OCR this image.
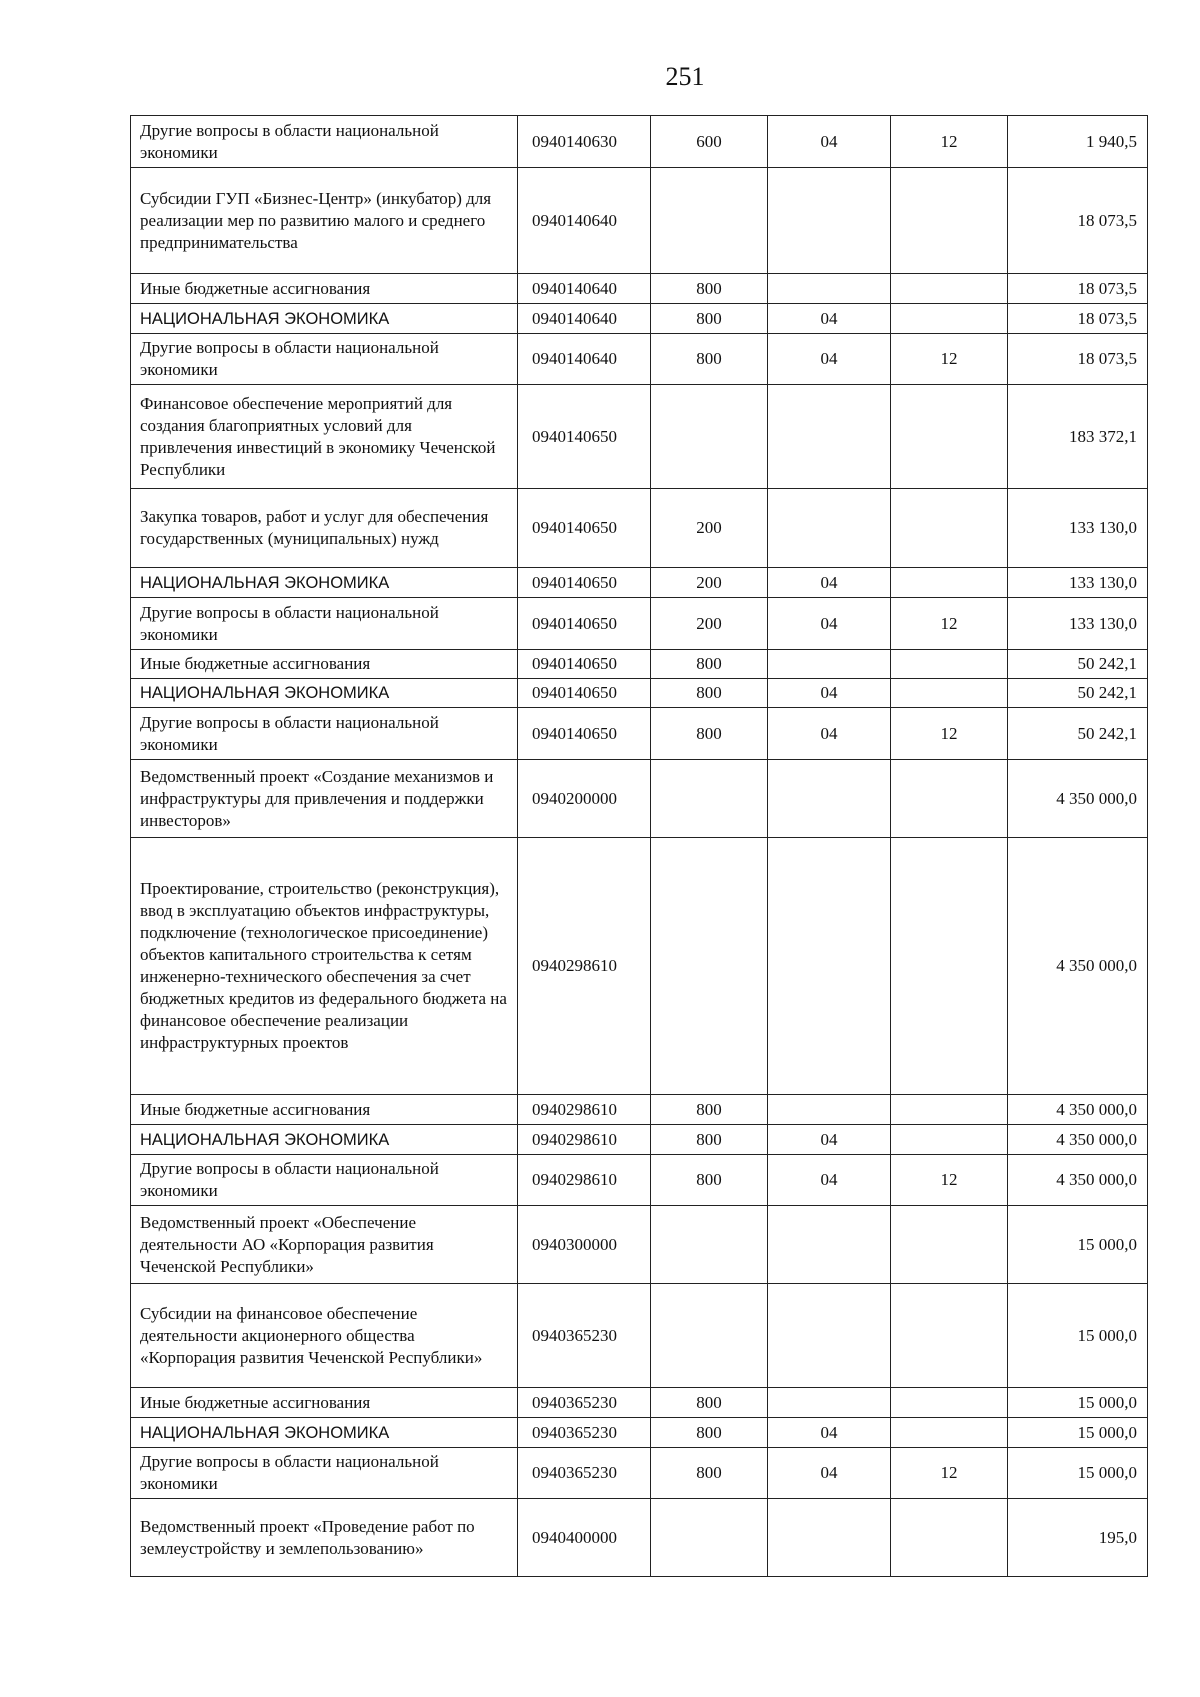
251
Другие вопросы в области национальной экономики	0940140630	600	04	12	1 940,5
Субсидии ГУП «Бизнес-Центр» (инкубатор) для реализации мер по развитию малого и среднего предпринимательства	0940140640				18 073,5
Иные бюджетные ассигнования	0940140640	800			18 073,5
НАЦИОНАЛЬНАЯ ЭКОНОМИКА	0940140640	800	04		18 073,5
Другие вопросы в области национальной экономики	0940140640	800	04	12	18 073,5
Финансовое обеспечение мероприятий для создания благоприятных условий для привлечения инвестиций в экономику Чеченской Республики	0940140650				183 372,1
Закупка товаров, работ и услуг для обеспечения государственных (муниципальных) нужд	0940140650	200			133 130,0
НАЦИОНАЛЬНАЯ ЭКОНОМИКА	0940140650	200	04		133 130,0
Другие вопросы в области национальной экономики	0940140650	200	04	12	133 130,0
Иные бюджетные ассигнования	0940140650	800			50 242,1
НАЦИОНАЛЬНАЯ ЭКОНОМИКА	0940140650	800	04		50 242,1
Другие вопросы в области национальной экономики	0940140650	800	04	12	50 242,1
Ведомственный проект «Создание механизмов и инфраструктуры для привлечения и поддержки инвесторов»	0940200000				4 350 000,0
Проектирование, строительство (реконструкция), ввод в эксплуатацию объектов инфраструктуры, подключение (технологическое присоединение) объектов капитального строительства к сетям инженерно-технического обеспечения за счет бюджетных кредитов из федерального бюджета на финансовое обеспечение реализации инфраструктурных проектов	0940298610				4 350 000,0
Иные бюджетные ассигнования	0940298610	800			4 350 000,0
НАЦИОНАЛЬНАЯ ЭКОНОМИКА	0940298610	800	04		4 350 000,0
Другие вопросы в области национальной экономики	0940298610	800	04	12	4 350 000,0
Ведомственный проект «Обеспечение деятельности АО «Корпорация развития Чеченской Республики»	0940300000				15 000,0
Субсидии на финансовое обеспечение деятельности акционерного общества «Корпорация развития Чеченской Республики»	0940365230				15 000,0
Иные бюджетные ассигнования	0940365230	800			15 000,0
НАЦИОНАЛЬНАЯ ЭКОНОМИКА	0940365230	800	04		15 000,0
Другие вопросы в области национальной экономики	0940365230	800	04	12	15 000,0
Ведомственный проект «Проведение работ по землеустройству и землепользованию»	0940400000				195,0
